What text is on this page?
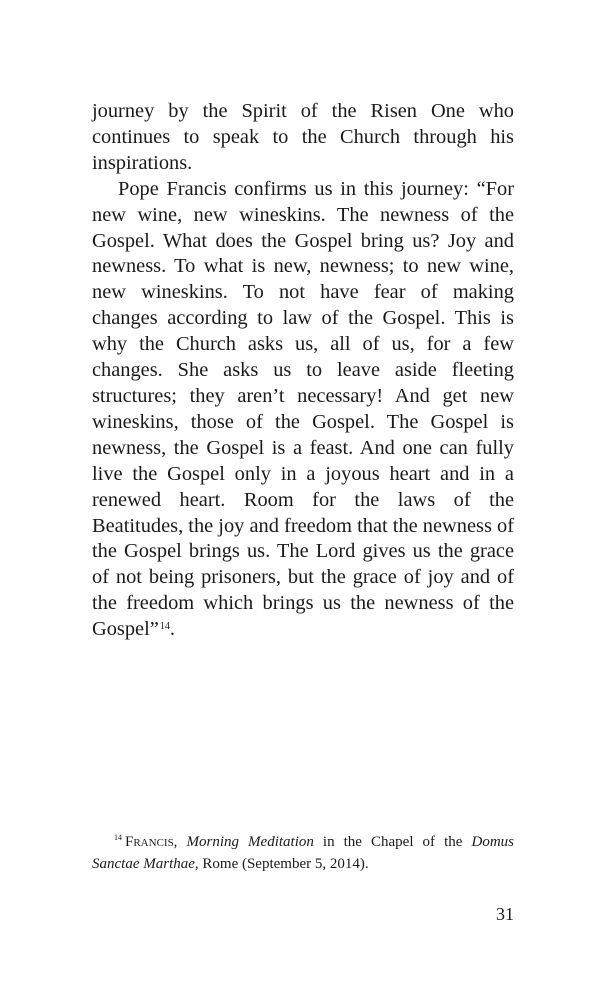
journey by the Spirit of the Risen One who continues to speak to the Church through his inspirations.

Pope Francis confirms us in this journey: “For new wine, new wineskins. The newness of the Gospel. What does the Gospel bring us? Joy and newness. To what is new, newness; to new wine, new wineskins. To not have fear of making changes according to law of the Gospel. This is why the Church asks us, all of us, for a few changes. She asks us to leave aside fleeting structures; they aren’t necessary! And get new wineskins, those of the Gospel. The Gospel is newness, the Gospel is a feast. And one can fully live the Gospel only in a joyous heart and in a renewed heart. Room for the laws of the Beatitudes, the joy and freedom that the newness of the Gospel brings us. The Lord gives us the grace of not being prisoners, but the grace of joy and of the freedom which brings us the newness of the Gospel”$^{14}$.

$^{14}$ Francis, Morning Meditation in the Chapel of the Domus Sanctae Marthae, Rome (September 5, 2014).
31
